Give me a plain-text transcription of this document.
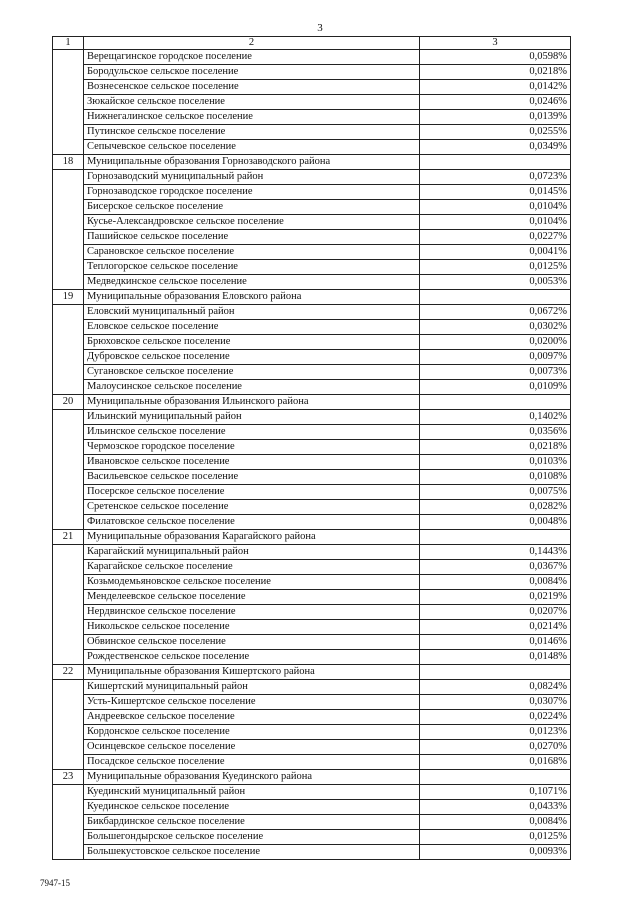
3
1	2	3
	Верещагинское городское поселение	0,0598%
	Бородульское сельское поселение	0,0218%
	Вознесенское сельское поселение	0,0142%
	Зюкайское сельское поселение	0,0246%
	Нижнегалинское сельское поселение	0,0139%
	Путинское сельское поселение	0,0255%
	Сепычевское сельское поселение	0,0349%
18	Муниципальные образования Горнозаводского района	
	Горнозаводский муниципальный район	0,0723%
	Горнозаводское городское поселение	0,0145%
	Бисерское сельское поселение	0,0104%
	Кусье-Александровское сельское поселение	0,0104%
	Пашийское сельское поселение	0,0227%
	Сарановское сельское поселение	0,0041%
	Теплогорское сельское поселение	0,0125%
	Медведкинское сельское поселение	0,0053%
19	Муниципальные образования Еловского района	
	Еловский муниципальный район	0,0672%
	Еловское сельское поселение	0,0302%
	Брюховское сельское поселение	0,0200%
	Дубровское сельское поселение	0,0097%
	Сугановское сельское поселение	0,0073%
	Малоусинское сельское поселение	0,0109%
20	Муниципальные образования Ильинского района	
	Ильинский муниципальный район	0,1402%
	Ильинское сельское поселение	0,0356%
	Чермозское городское поселение	0,0218%
	Ивановское сельское поселение	0,0103%
	Васильевское сельское поселение	0,0108%
	Посерское сельское поселение	0,0075%
	Сретенское сельское поселение	0,0282%
	Филатовское сельское поселение	0,0048%
21	Муниципальные образования Карагайского района	
	Карагайский муниципальный район	0,1443%
	Карагайское сельское поселение	0,0367%
	Козьмодемьяновское сельское поселение	0,0084%
	Менделеевское сельское поселение	0,0219%
	Нердвинское сельское поселение	0,0207%
	Никольское сельское поселение	0,0214%
	Обвинское сельское поселение	0,0146%
	Рождественское сельское поселение	0,0148%
22	Муниципальные образования Кишертского района	
	Кишертский муниципальный район	0,0824%
	Усть-Кишертское сельское поселение	0,0307%
	Андреевское сельское поселение	0,0224%
	Кордонское сельское поселение	0,0123%
	Осинцевское сельское поселение	0,0270%
	Посадское сельское поселение	0,0168%
23	Муниципальные образования Куединского района	
	Куединский муниципальный район	0,1071%
	Куединское сельское поселение	0,0433%
	Бикбардинское сельское поселение	0,0084%
	Большегондырское сельское поселение	0,0125%
	Большекустовское сельское поселение	0,0093%
7947-15
